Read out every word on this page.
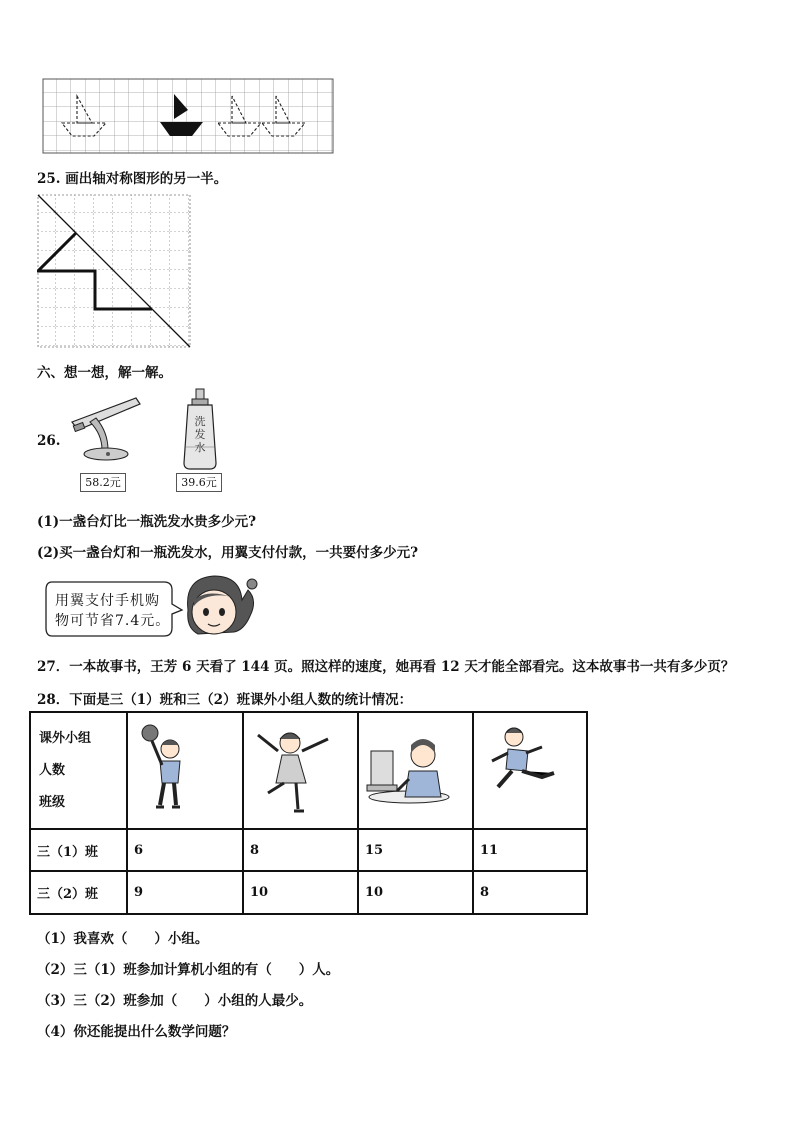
25. 画出轴对称图形的另一半。
六、想一想，解一解。
26.
58.2元
洗
发
水
39.6元
(1)一盏台灯比一瓶洗发水贵多少元?
(2)买一盏台灯和一瓶洗发水，用翼支付付款，一共要付多少元?
用翼支付手机购
物可节省7.4元。
27．一本故事书，王芳 6 天看了 144 页。照这样的速度，她再看 12 天才能全部看完。这本故事书一共有多少页？
28．下面是三（1）班和三（2）班课外小组人数的统计情况：
课外小组
人数
班级

三（1）班	6	8	15	11
三（2）班	9	10	10	8
（1）我喜欢（　　）小组。
（2）三（1）班参加计算机小组的有（　　）人。
（3）三（2）班参加（　　）小组的人最少。
（4）你还能提出什么数学问题？
